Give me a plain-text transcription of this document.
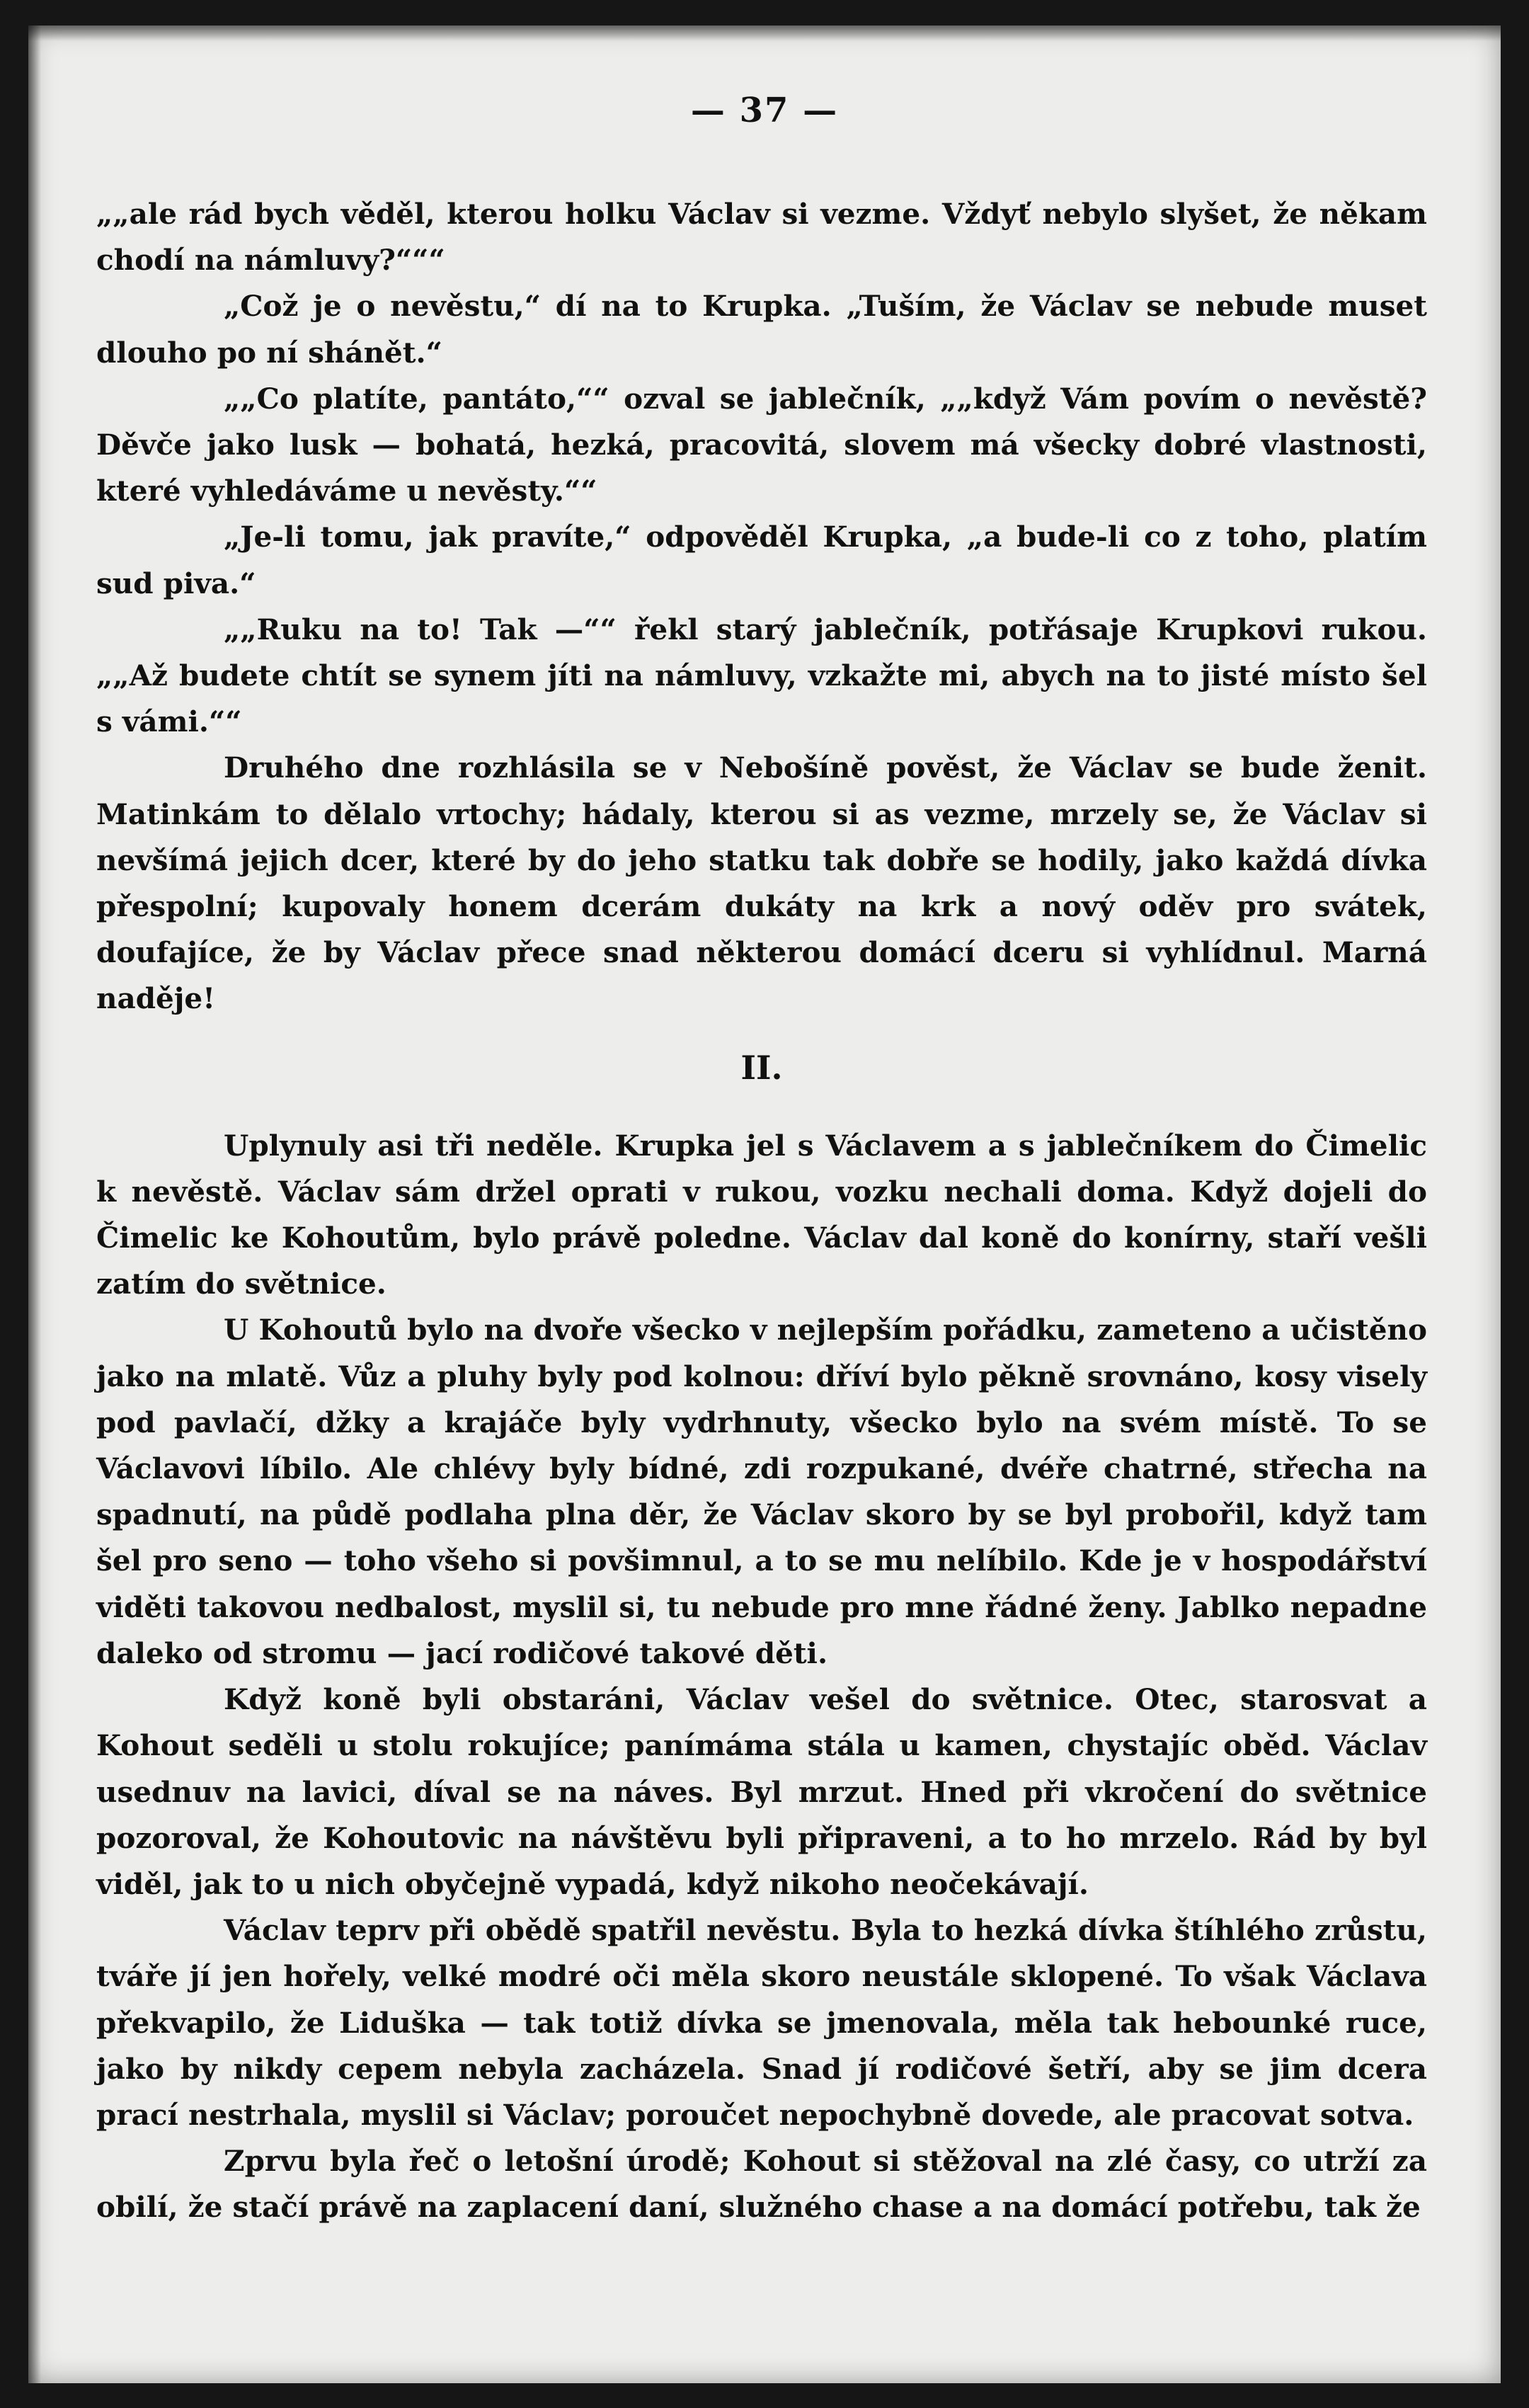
— 37 —

„„ale rád bych věděl, kterou holku Václav si vezme. Vždyť nebylo slyšet, že někam chodí na námluvy?“““

„Což je o nevěstu,“ dí na to Krupka. „Tuším, že Václav se nebude muset dlouho po ní shánět.“

„„Co platíte, pantáto,““ ozval se jablečník, „„když Vám povím o nevěstě? Děvče jako lusk — bohatá, hezká, pracovitá, slovem má všecky dobré vlastnosti, které vyhledáváme u nevěsty.““

„Je-li tomu, jak pravíte,“ odpověděl Krupka, „a bude-li co z toho, platím sud piva.“

„„Ruku na to! Tak —““ řekl starý jablečník, potřásaje Krupkovi rukou. „„Až budete chtít se synem jíti na námluvy, vzkažte mi, abych na to jisté místo šel s vámi.““

Druhého dne rozhlásila se v Nebošíně pověst, že Václav se bude ženit. Matinkám to dělalo vrtochy; hádaly, kterou si as vezme, mrzely se, že Václav si nevšímá jejich dcer, které by do jeho statku tak dobře se hodily, jako každá dívka přespolní; kupovaly honem dcerám dukáty na krk a nový oděv pro svátek, doufajíce, že by Václav přece snad některou domácí dceru si vyhlídnul. Marná naděje!

II.

Uplynuly asi tři neděle. Krupka jel s Václavem a s jablečníkem do Čimelic k nevěstě. Václav sám držel oprati v rukou, vozku nechali doma. Když dojeli do Čimelic ke Kohoutům, bylo právě poledne. Václav dal koně do konírny, staří vešli zatím do světnice.

U Kohoutů bylo na dvoře všecko v nejlepším pořádku, zameteno a učistěno jako na mlatě. Vůz a pluhy byly pod kolnou: dříví bylo pěkně srovnáno, kosy visely pod pavlačí, džky a krajáče byly vydrhnuty, všecko bylo na svém místě. To se Václavovi líbilo. Ale chlévy byly bídné, zdi rozpukané, dvéře chatrné, střecha na spadnutí, na půdě podlaha plna děr, že Václav skoro by se byl probořil, když tam šel pro seno — toho všeho si povšimnul, a to se mu nelíbilo. Kde je v hospodářství viděti takovou nedbalost, myslil si, tu nebude pro mne řádné ženy. Jablko nepadne daleko od stromu — jací rodičové takové děti.

Když koně byli obstaráni, Václav vešel do světnice. Otec, starosvat a Kohout seděli u stolu rokujíce; panímáma stála u kamen, chystajíc oběd. Václav usednuv na lavici, díval se na náves. Byl mrzut. Hned při vkročení do světnice pozoroval, že Kohoutovic na návštěvu byli připraveni, a to ho mrzelo. Rád by byl viděl, jak to u nich obyčejně vypadá, když nikoho neočekávají.

Václav teprv při obědě spatřil nevěstu. Byla to hezká dívka štíhlého zrůstu, tváře jí jen hořely, velké modré oči měla skoro neustále sklopené. To však Václava překvapilo, že Liduška — tak totiž dívka se jmenovala, měla tak hebounké ruce, jako by nikdy cepem nebyla zacházela. Snad jí rodičové šetří, aby se jim dcera prací nestrhala, myslil si Václav; poroučet nepochybně dovede, ale pracovat sotva.

Zprvu byla řeč o letošní úrodě; Kohout si stěžoval na zlé časy, co utrží za obilí, že stačí právě na zaplacení daní, služného chase a na domácí potřebu, tak že
